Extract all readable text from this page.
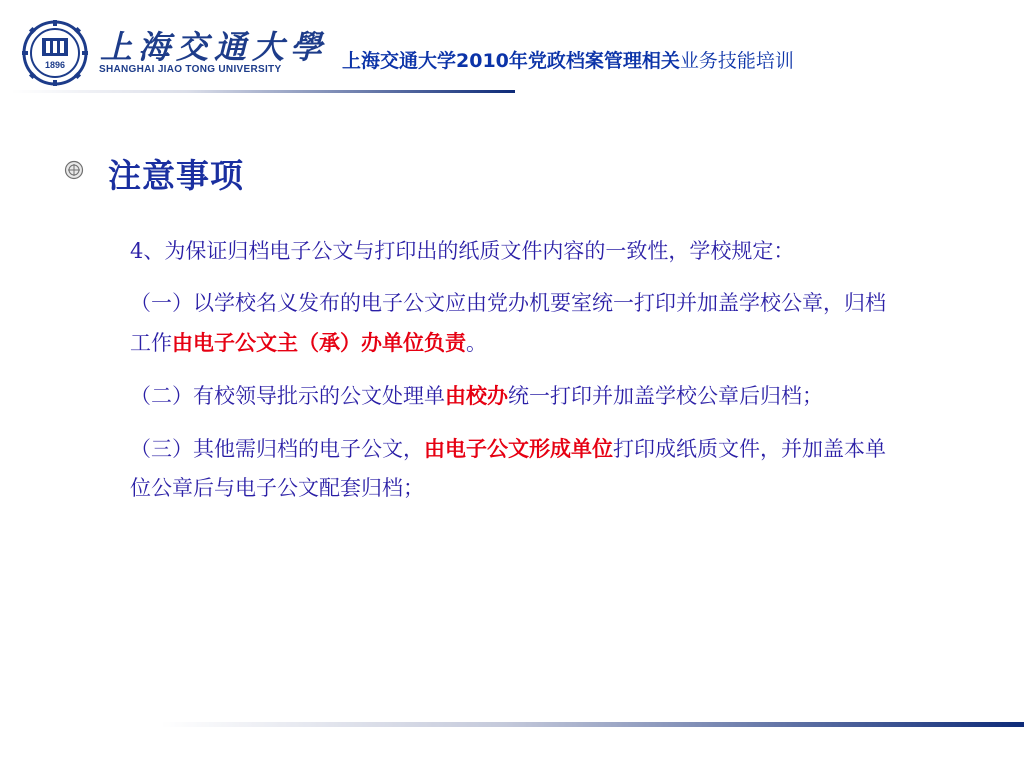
1896 上海交通大學
SHANGHAI JIAO TONG UNIVERSITY	上海交通大学2010年党政档案管理相关业务技能培训
注意事项

4、为保证归档电子公文与打印出的纸质文件内容的一致性，学校规定：

（一）以学校名义发布的电子公文应由党办机要室统一打印并加盖学校公章，归档工作由电子公文主（承）办单位负责。

（二）有校领导批示的公文处理单由校办统一打印并加盖学校公章后归档；

（三）其他需归档的电子公文，由电子公文形成单位打印成纸质文件，并加盖本单位公章后与电子公文配套归档；
